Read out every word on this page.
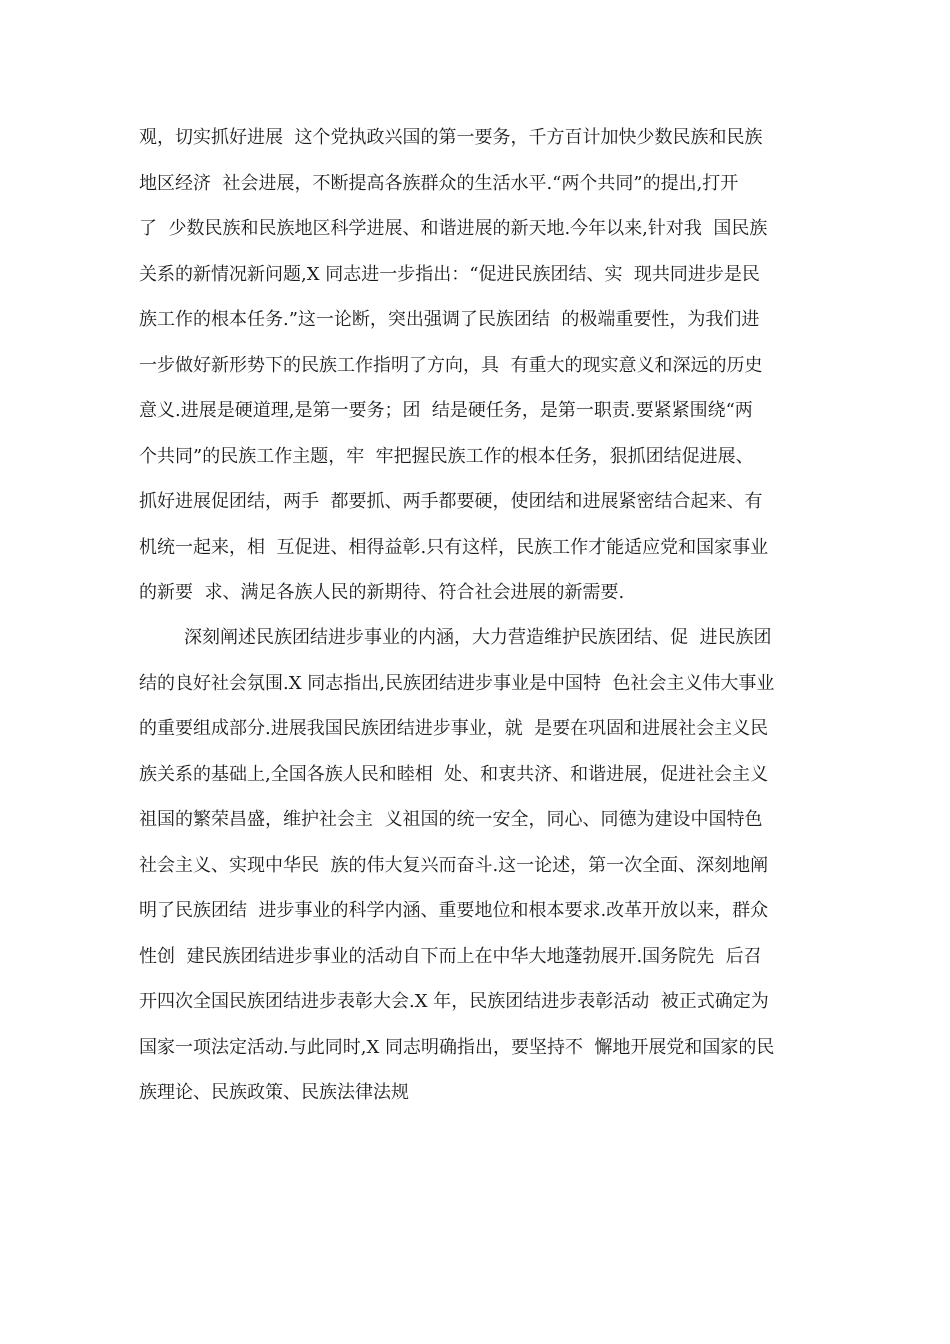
观，切实抓好进展  这个党执政兴国的第一要务，千方百计加快少数民族和民族
地区经济  社会进展，不断提高各族群众的生活水平.“两个共同”的提出,打开
了  少数民族和民族地区科学进展、和谐进展的新天地.今年以来,针对我  国民族
关系的新情况新问题,X 同志进一步指出：“促进民族团结、实  现共同进步是民
族工作的根本任务.”这一论断，突出强调了民族团结  的极端重要性，为我们进
一步做好新形势下的民族工作指明了方向，具  有重大的现实意义和深远的历史
意义.进展是硬道理,是第一要务；团  结是硬任务，是第一职责.要紧紧围绕“两
个共同”的民族工作主题，牢  牢把握民族工作的根本任务，狠抓团结促进展、
抓好进展促团结，两手  都要抓、两手都要硬，使团结和进展紧密结合起来、有
机统一起来，相  互促进、相得益彰.只有这样，民族工作才能适应党和国家事业
的新要  求、满足各族人民的新期待、符合社会进展的新需要.
深刻阐述民族团结进步事业的内涵，大力营造维护民族团结、促  进民族团
结的良好社会氛围.X 同志指出,民族团结进步事业是中国特  色社会主义伟大事业
的重要组成部分.进展我国民族团结进步事业，就  是要在巩固和进展社会主义民
族关系的基础上,全国各族人民和睦相  处、和衷共济、和谐进展，促进社会主义
祖国的繁荣昌盛，维护社会主  义祖国的统一安全，同心、同德为建设中国特色
社会主义、实现中华民  族的伟大复兴而奋斗.这一论述，第一次全面、深刻地阐
明了民族团结  进步事业的科学内涵、重要地位和根本要求.改革开放以来，群众
性创  建民族团结进步事业的活动自下而上在中华大地蓬勃展开.国务院先  后召
开四次全国民族团结进步表彰大会.X 年，民族团结进步表彰活动  被正式确定为
国家一项法定活动.与此同时,X 同志明确指出，要坚持不  懈地开展党和国家的民
族理论、民族政策、民族法律法规
